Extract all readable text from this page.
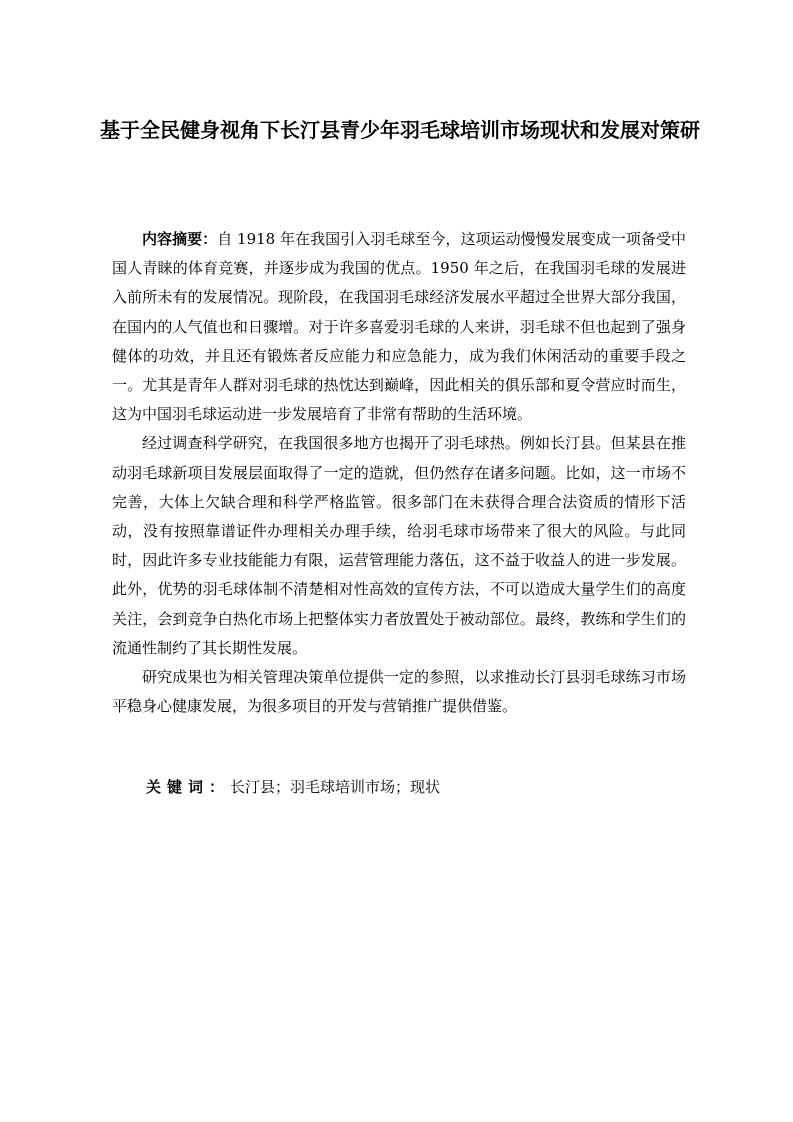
基于全民健身视角下长汀县青少年羽毛球培训市场现状和发展对策研

内容摘要：自 1918 年在我国引入羽毛球至今，这项运动慢慢发展变成一项备受中国人青睐的体育竞赛，并逐步成为我国的优点。1950 年之后，在我国羽毛球的发展进入前所未有的发展情况。现阶段，在我国羽毛球经济发展水平超过全世界大部分我国，在国内的人气值也和日骤增。对于许多喜爱羽毛球的人来讲，羽毛球不但也起到了强身健体的功效，并且还有锻炼者反应能力和应急能力，成为我们休闲活动的重要手段之一。尤其是青年人群对羽毛球的热忱达到巅峰，因此相关的俱乐部和夏令营应时而生，这为中国羽毛球运动进一步发展培育了非常有帮助的生活环境。

经过调查科学研究，在我国很多地方也揭开了羽毛球热。例如长汀县。但某县在推动羽毛球新项目发展层面取得了一定的造就，但仍然存在诸多问题。比如，这一市场不完善，大体上欠缺合理和科学严格监管。很多部门在未获得合理合法资质的情形下活动，没有按照靠谱证件办理相关办理手续，给羽毛球市场带来了很大的风险。与此同时，因此许多专业技能能力有限，运营管理能力落伍，这不益于收益人的进一步发展。此外，优势的羽毛球体制不清楚相对性高效的宣传方法，不可以造成大量学生们的高度关注，会到竞争白热化市场上把整体实力者放置处于被动部位。最终，教练和学生们的流通性制约了其长期性发展。

研究成果也为相关管理决策单位提供一定的参照，以求推动长汀县羽毛球练习市场平稳身心健康发展，为很多项目的开发与营销推广提供借鉴。

关键词：长汀县；羽毛球培训市场；现状
